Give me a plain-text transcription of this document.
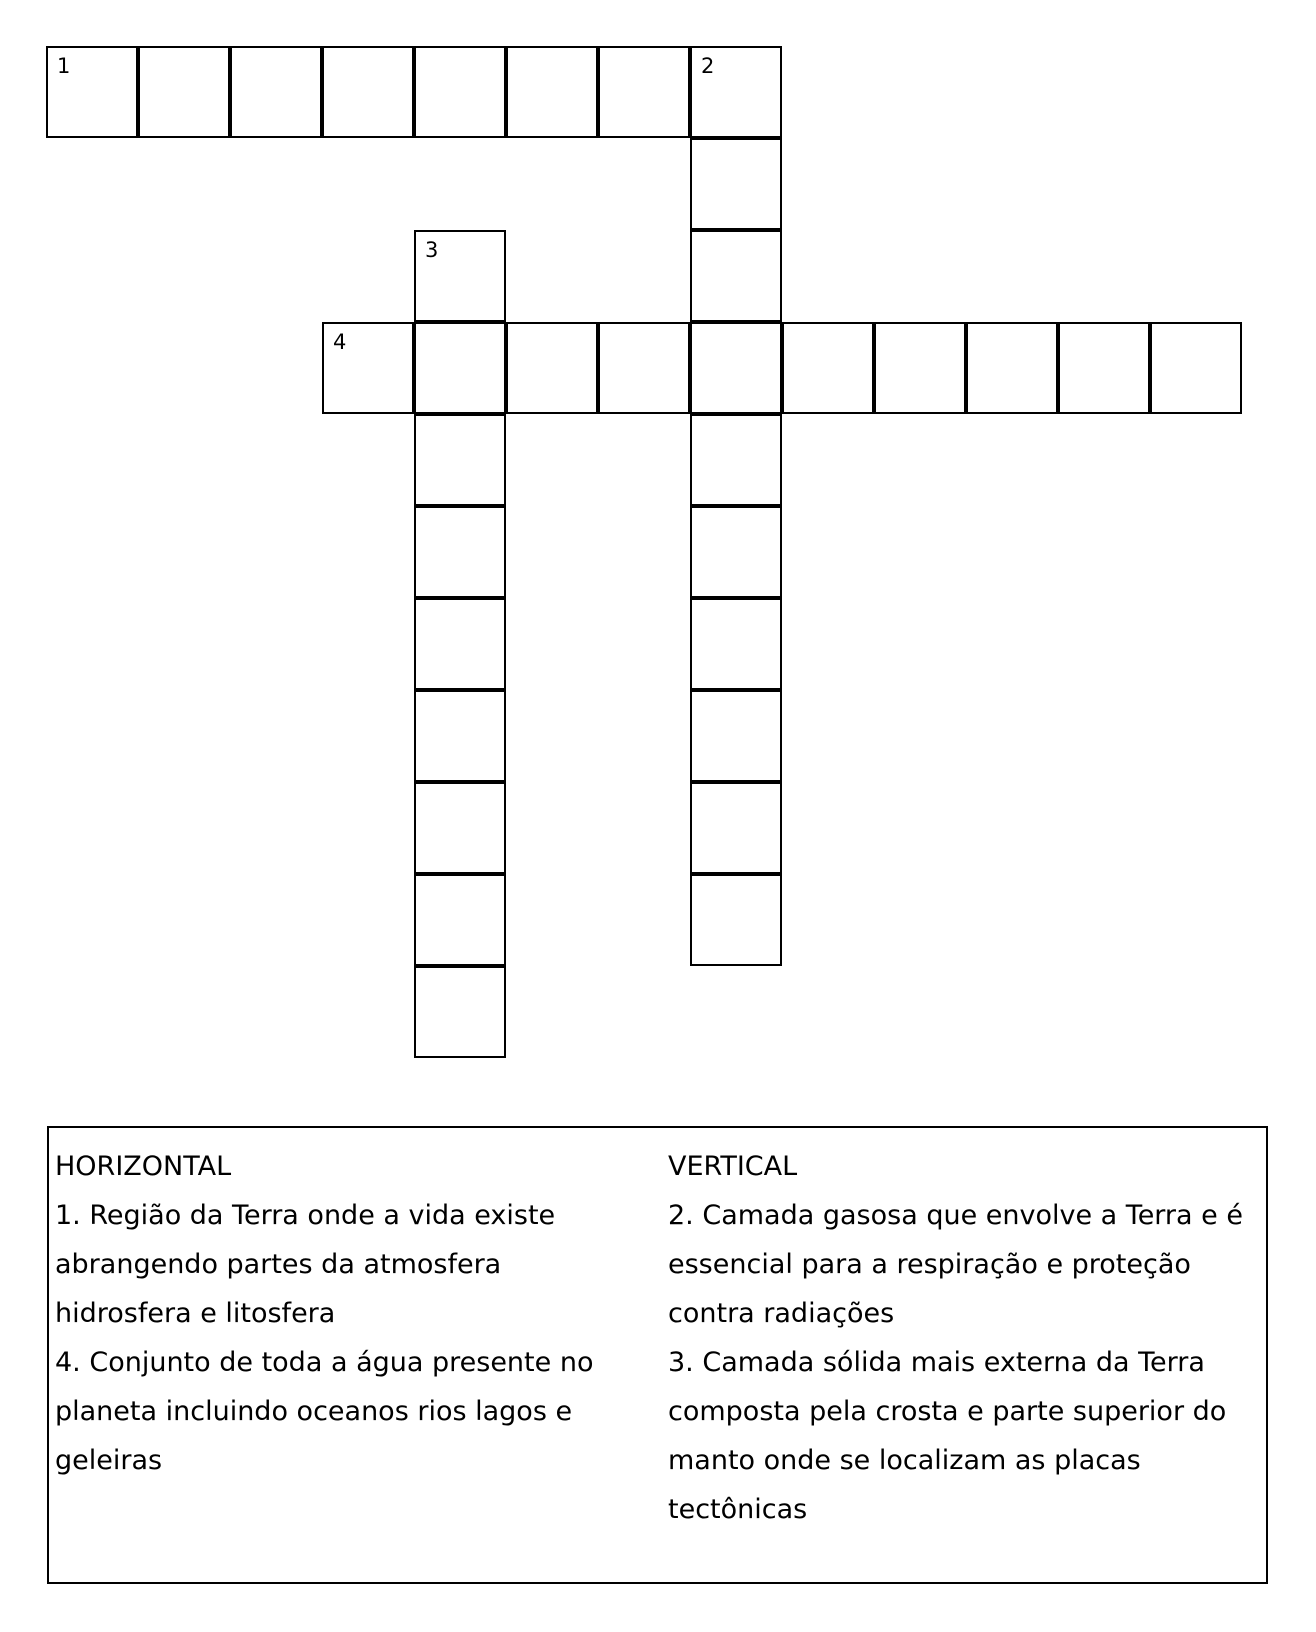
1	2
3
4
HORIZONTAL
1. Região da Terra onde a vida existe abrangendo partes da atmosfera hidrosfera e litosfera
4. Conjunto de toda a água presente no planeta incluindo oceanos rios lagos e geleiras
VERTICAL
2. Camada gasosa que envolve a Terra e é essencial para a respiração e proteção contra radiações
3. Camada sólida mais externa da Terra composta pela crosta e parte superior do manto onde se localizam as placas tectônicas
